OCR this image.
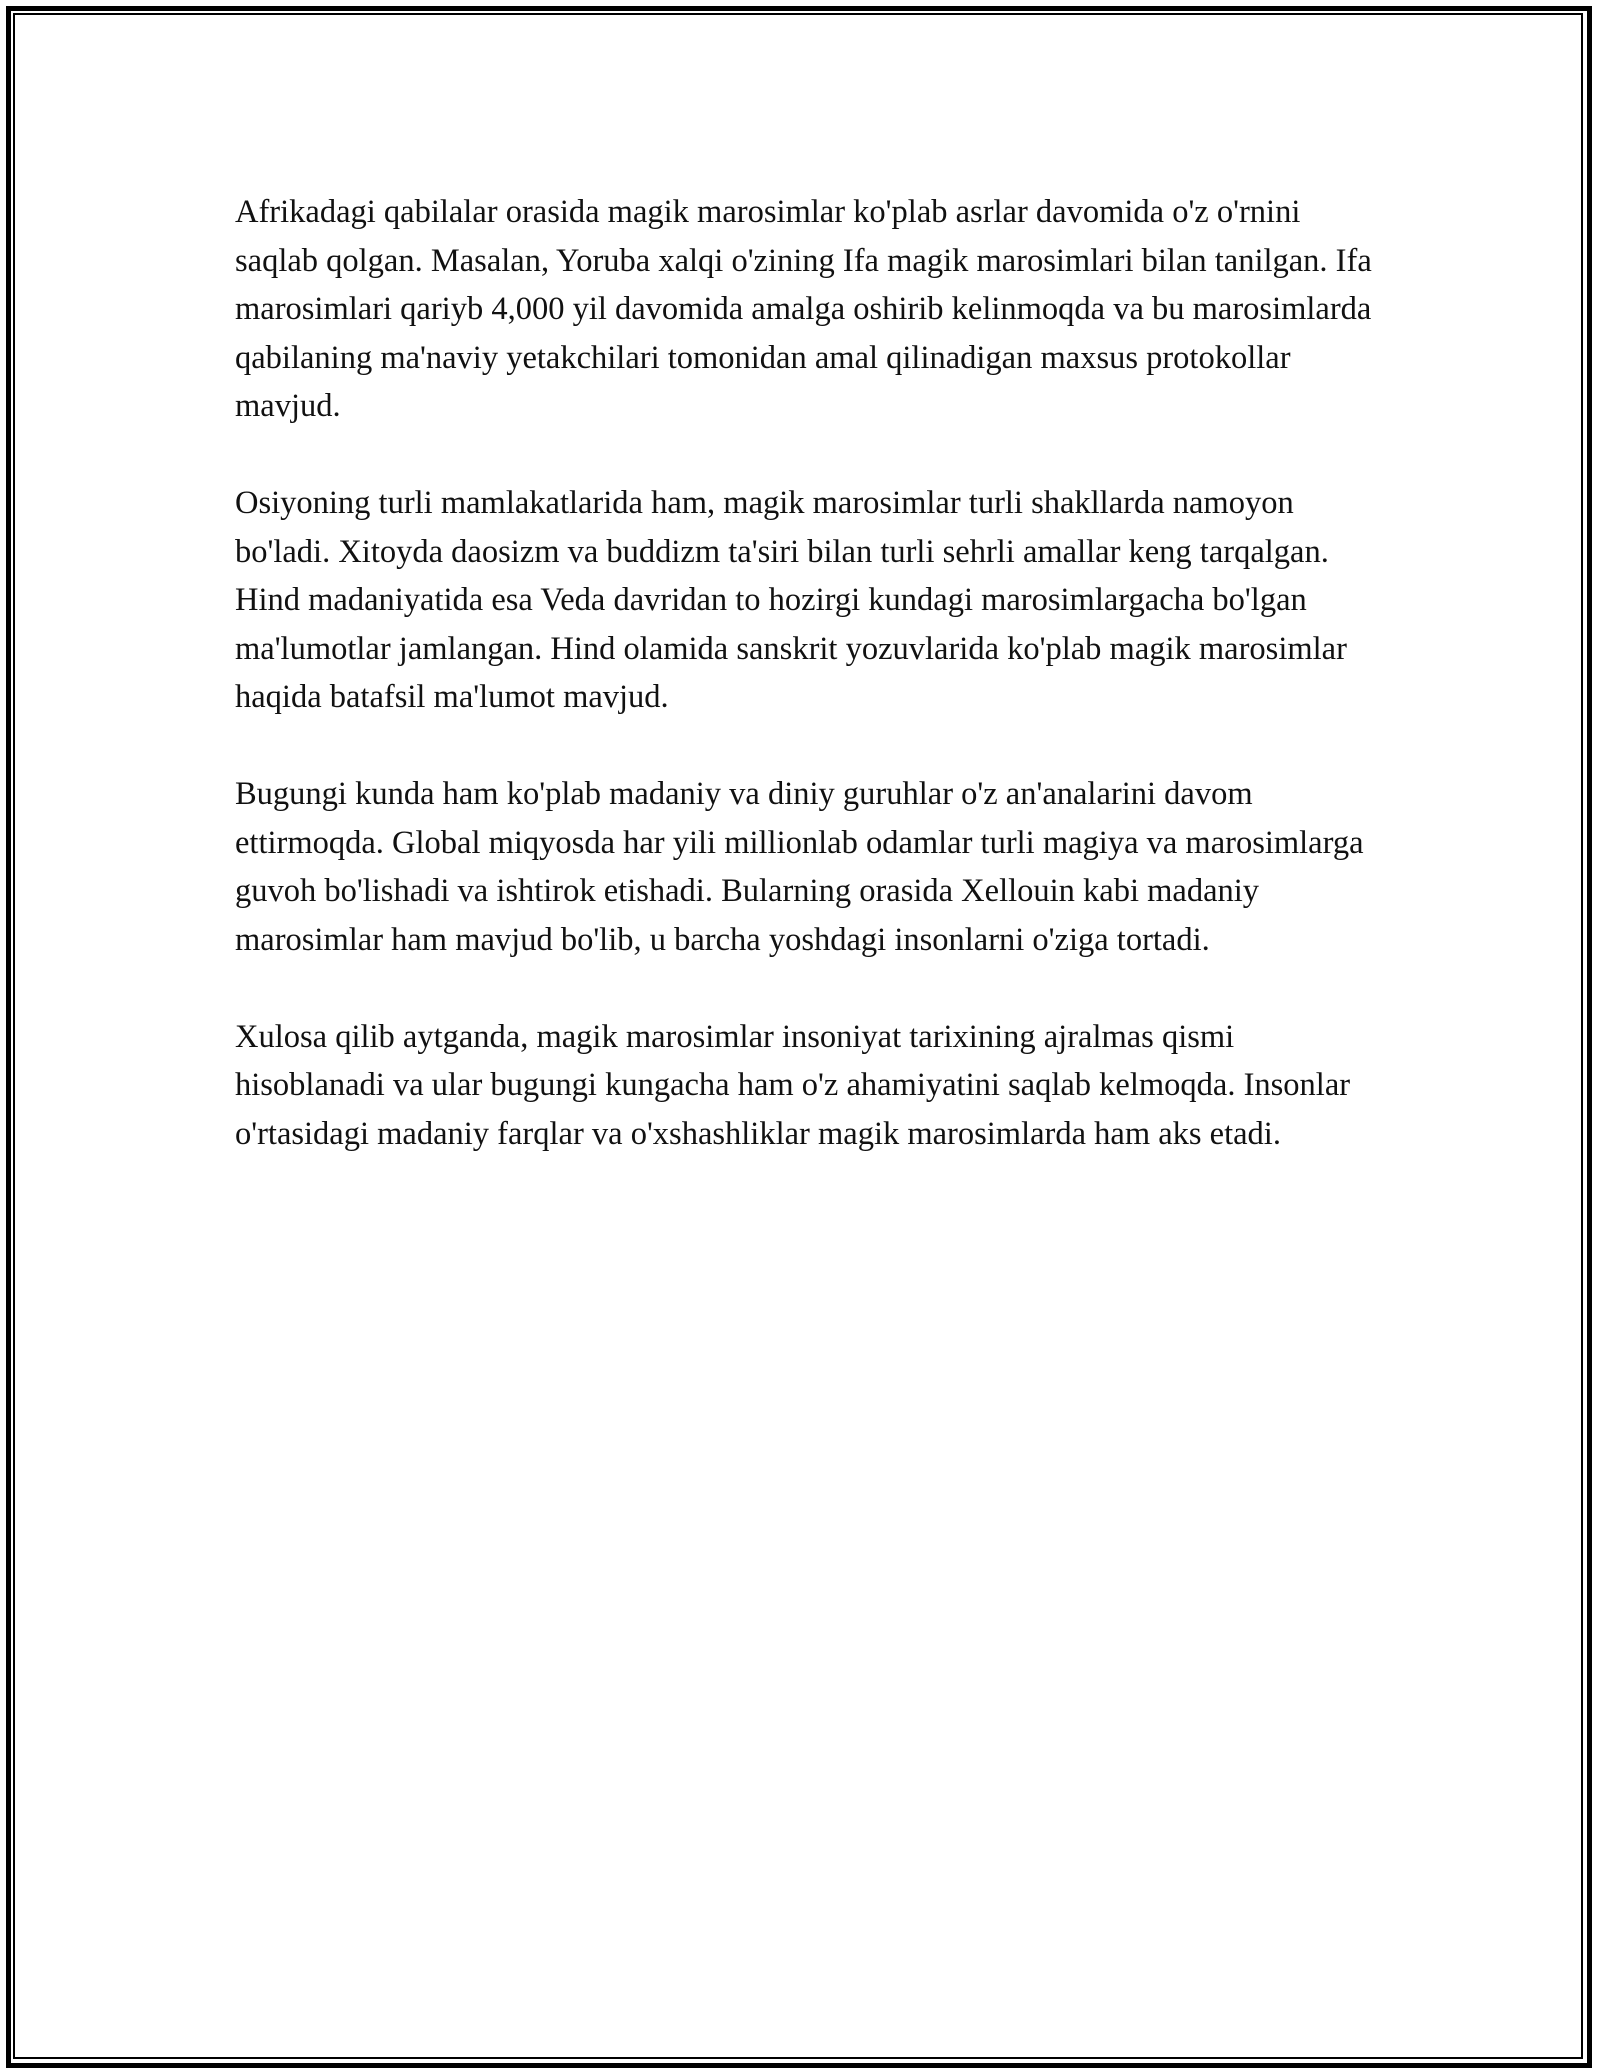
Afrikadagi qabilalar orasida magik marosimlar ko'plab asrlar davomida o'z o'rnini saqlab qolgan. Masalan, Yoruba xalqi o'zining Ifa magik marosimlari bilan tanilgan. Ifa marosimlari qariyb 4,000 yil davomida amalga oshirib kelinmoqda va bu marosimlarda qabilaning ma'naviy yetakchilari tomonidan amal qilinadigan maxsus protokollar mavjud.

Osiyoning turli mamlakatlarida ham, magik marosimlar turli shakllarda namoyon bo'ladi. Xitoyda daosizm va buddizm ta'siri bilan turli sehrli amallar keng tarqalgan. Hind madaniyatida esa Veda davridan to hozirgi kundagi marosimlargacha bo'lgan ma'lumotlar jamlangan. Hind olamida sanskrit yozuvlarida ko'plab magik marosimlar haqida batafsil ma'lumot mavjud.

Bugungi kunda ham ko'plab madaniy va diniy guruhlar o'z an'analarini davom ettirmoqda. Global miqyosda har yili millionlab odamlar turli magiya va marosimlarga guvoh bo'lishadi va ishtirok etishadi. Bularning orasida Xellouin kabi madaniy marosimlar ham mavjud bo'lib, u barcha yoshdagi insonlarni o'ziga tortadi.

Xulosa qilib aytganda, magik marosimlar insoniyat tarixining ajralmas qismi hisoblanadi va ular bugungi kungacha ham o'z ahamiyatini saqlab kelmoqda. Insonlar o'rtasidagi madaniy farqlar va o'xshashliklar magik marosimlarda ham aks etadi.
